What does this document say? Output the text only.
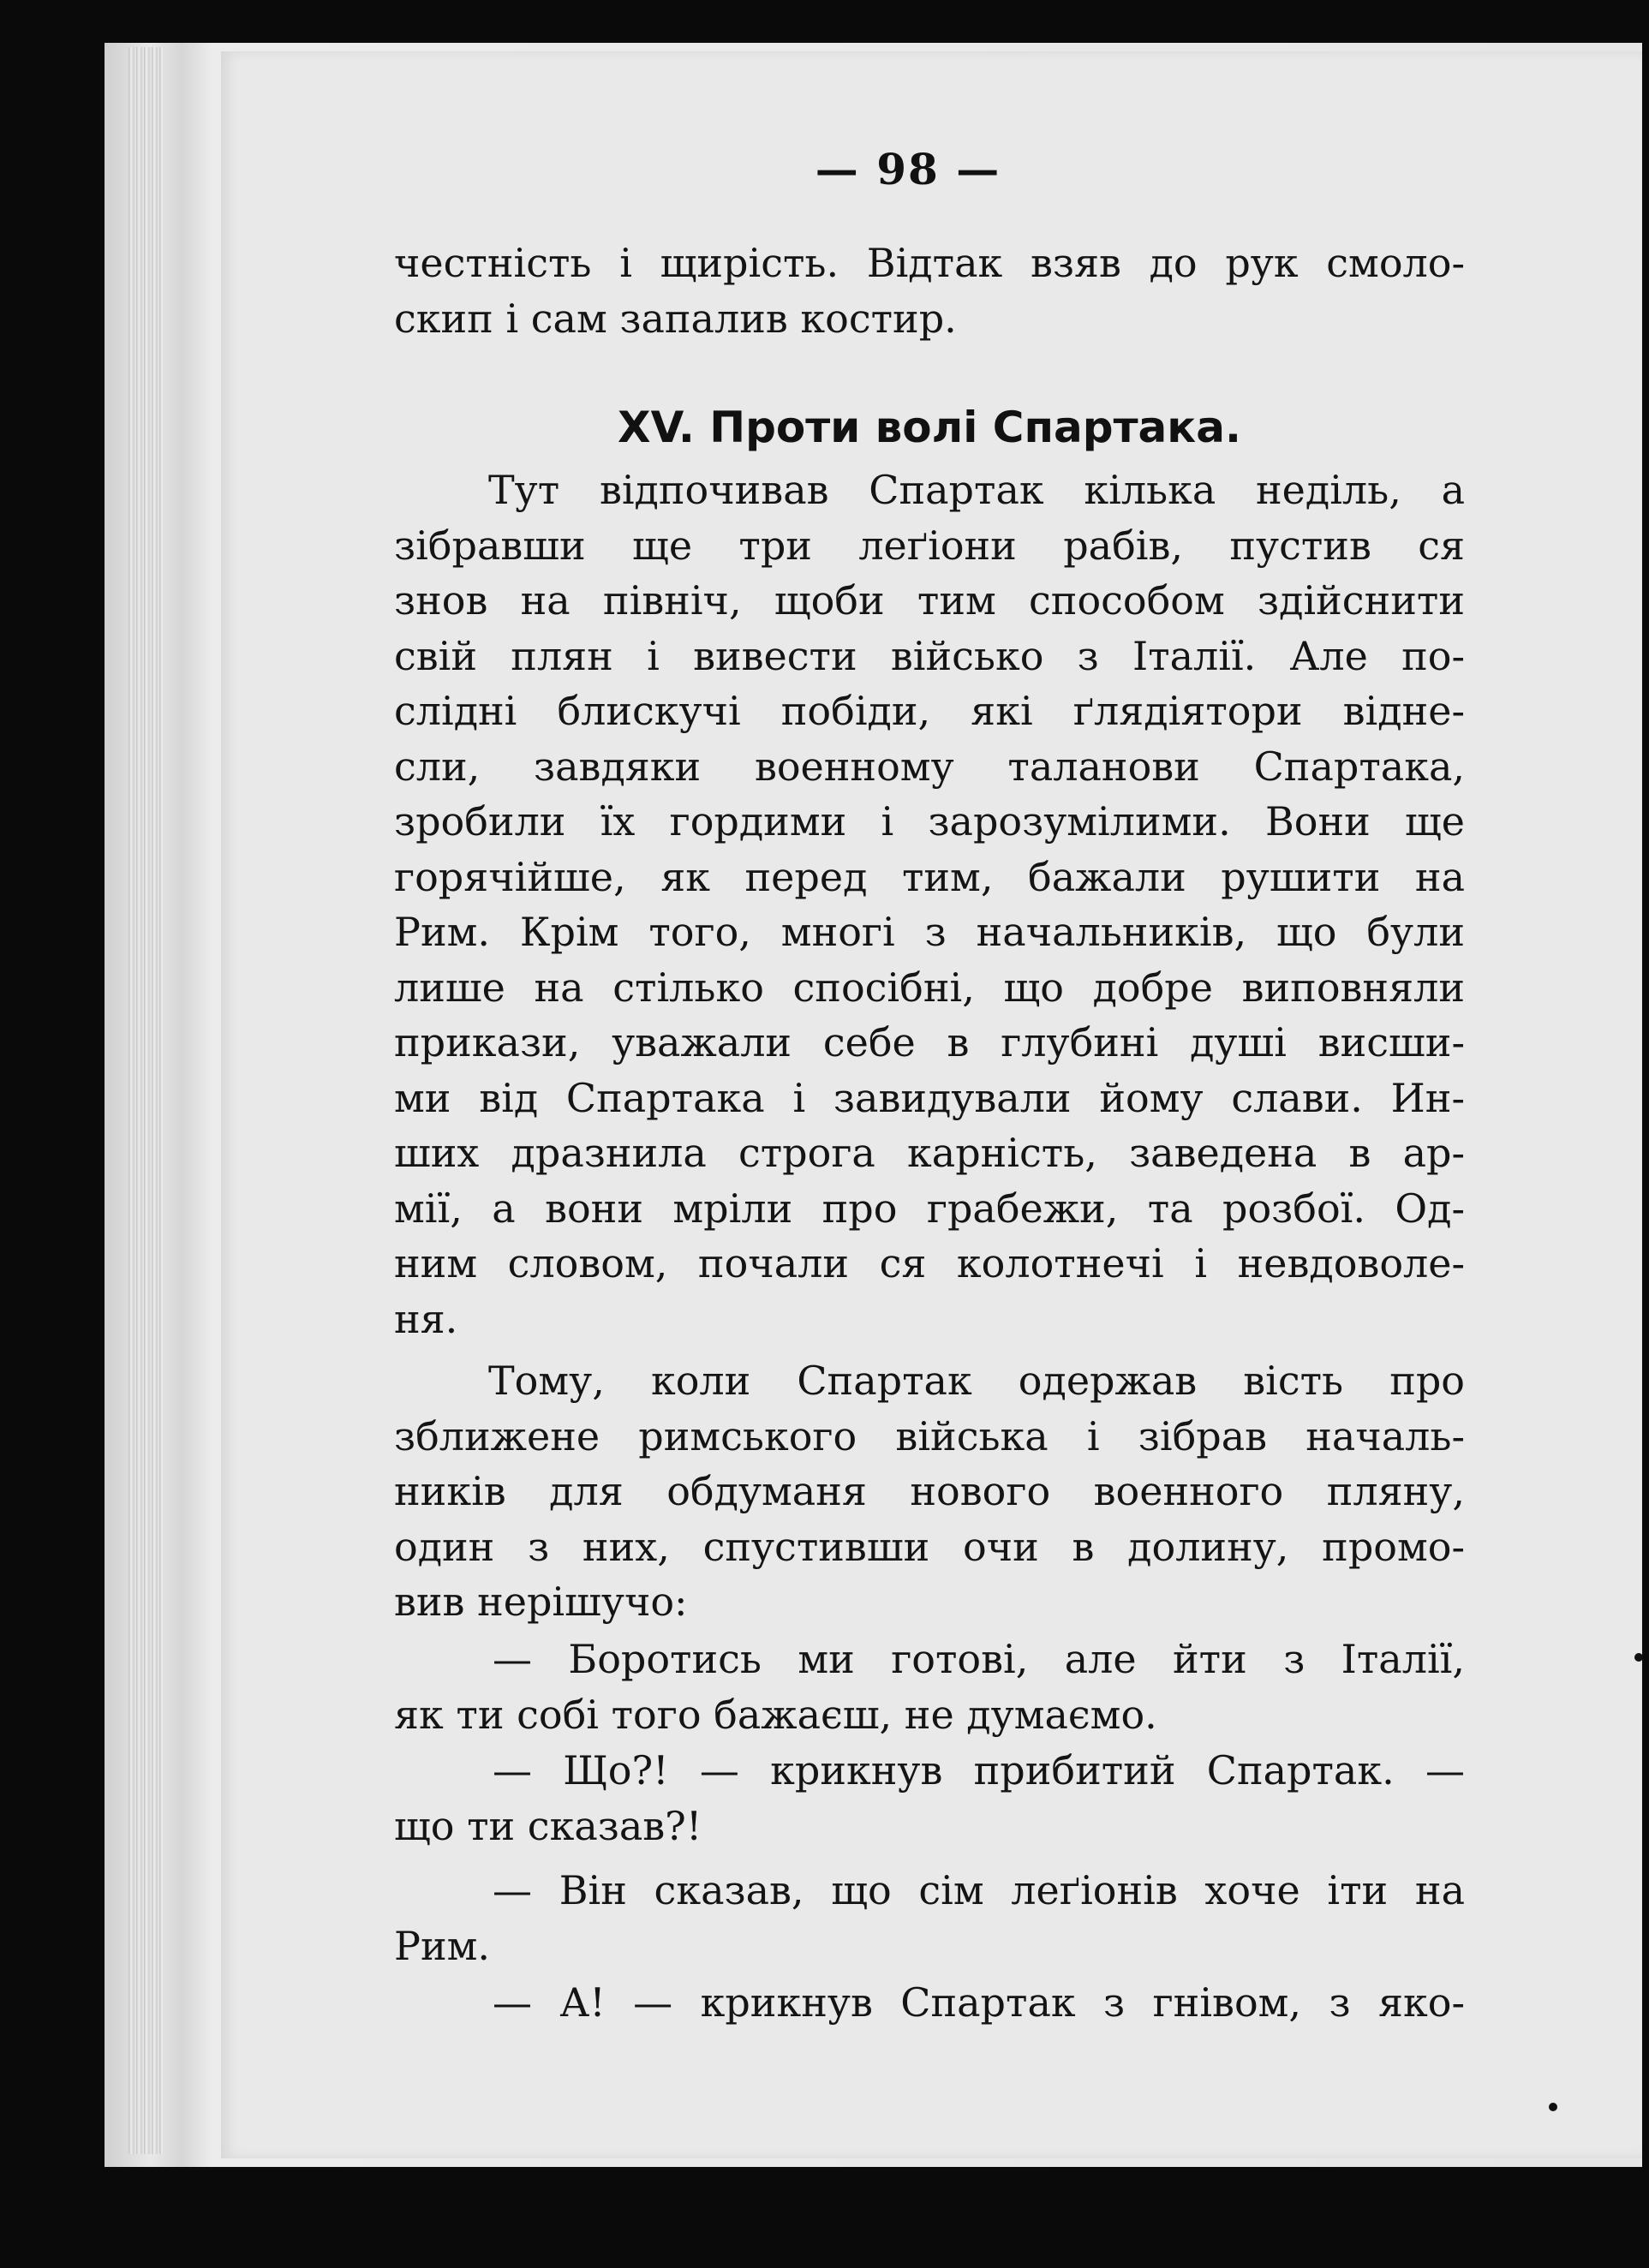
— 98 —

честність і щирість. Відтак взяв до рук смоло-

скип і сам запалив костир.

XV. Проти волі Спартака.

Тут відпочивав Спартак кілька неділь, а

зібравши ще три леґіони рабів, пустив ся

знов на північ, щоби тим способом здійснити

свій плян і вивести військо з Італії. Але по-

слідні блискучі побіди, які ґлядіятори відне-

сли, завдяки военному таланови Спартака,

зробили їх гордими і зарозумілими. Вони ще

горячійше, як перед тим, бажали рушити на

Рим. Крім того, многі з начальників, що були

лише на стілько спосібні, що добре виповняли

прикази, уважали себе в глубині душі висши-

ми від Спартака і завидували йому слави. Ин-

ших дразнила строга карність, заведена в ар-

мії, а вони мріли про грабежи, та розбої. Од-

ним словом, почали ся колотнечі і невдоволе-

ня.

Тому, коли Спартак одержав вість про

зближене римського війська і зібрав началь-

ників для обдуманя нового военного пляну,

один з них, спустивши очи в долину, промо-

вив нерішучо:

— Боротись ми готові, але йти з Італії,

як ти собі того бажаєш, не думаємо.

— Що?! — крикнув прибитий Спартак. —

що ти сказав?!

— Він сказав, що сім леґіонів хоче іти на

Рим.

— А! — крикнув Спартак з гнівом, з яко-
